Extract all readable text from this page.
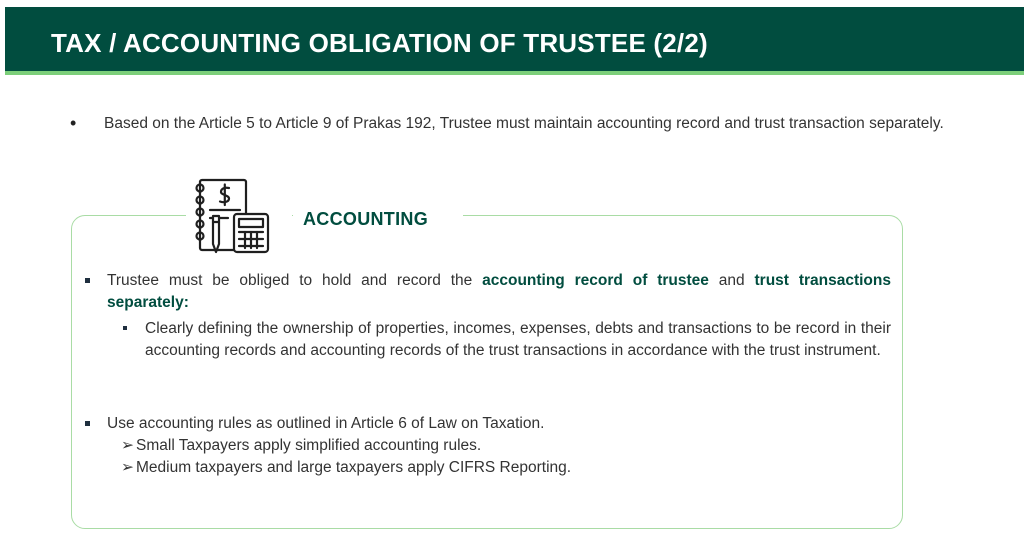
TAX / ACCOUNTING OBLIGATION OF TRUSTEE (2/2)
• Based on the Article 5 to Article 9 of Prakas 192, Trustee must maintain accounting record and trust transaction separately.
ACCOUNTING
Trustee must be obliged to hold and record the accounting record of trustee and trust transactions separately:
Clearly defining the ownership of properties, incomes, expenses, debts and transactions to be record in their accounting records and accounting records of the trust transactions in accordance with the trust instrument.
Use accounting rules as outlined in Article 6 of Law on Taxation.
➢ Small Taxpayers apply simplified accounting rules.
➢ Medium taxpayers and large taxpayers apply CIFRS Reporting.
